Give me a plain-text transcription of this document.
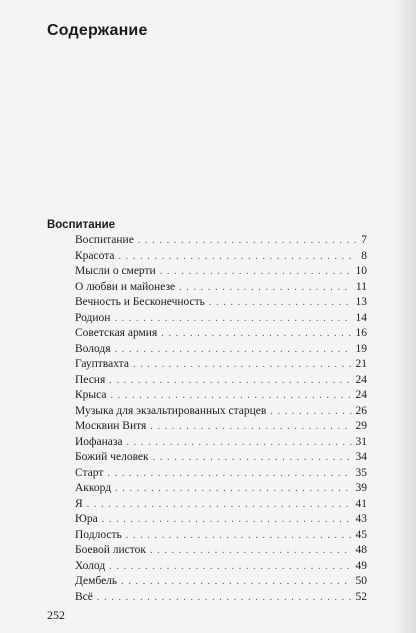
Содержание
Воспитание
Воспитание . . .	7
Красота . . .	8
Мысли о смерти . . .	10
О любви и майонезе . . .	11
Вечность и Бесконечность . . .	13
Родион . . .	14
Советская армия . . .	16
Володя . . .	19
Гауптвахта . . .	21
Песня . . .	24
Крыса . . .	24
Музыка для экзальтированных старцев . . .	26
Москвин Витя . . .	29
Иофаназа . . .	31
Божий человек . . .	34
Старт . . .	35
Аккорд . . .	39
Я . . .	41
Юра . . .	43
Подлость . . .	45
Боевой листок . . .	48
Холод . . .	49
Дембель . . .	50
Всё . . .	52
252
